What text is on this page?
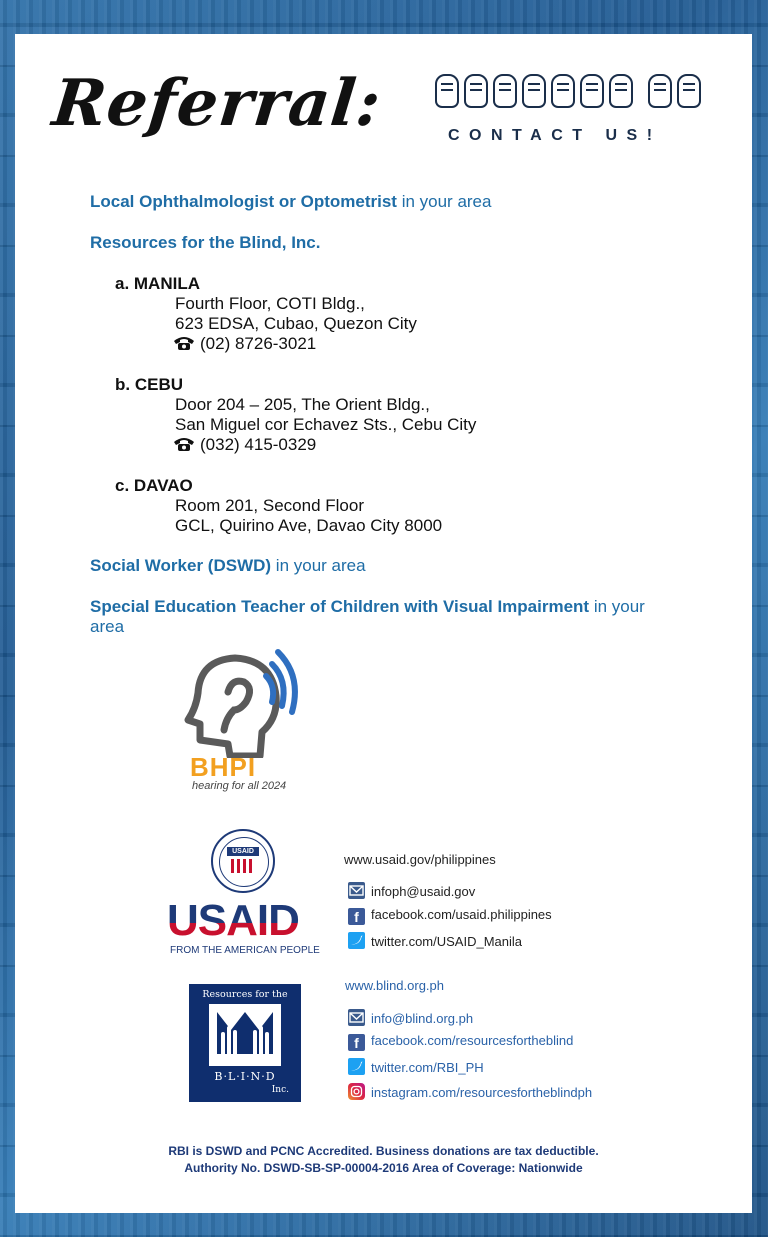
Referral:	CONTACT US!
Local Ophthalmologist or Optometrist in your area
Resources for the Blind, Inc.
a. MANILA
Fourth Floor, COTI Bldg.,
623 EDSA, Cubao, Quezon City
(02) 8726-3021
b. CEBU
Door 204 – 205, The Orient Bldg.,
San Miguel cor Echavez Sts., Cebu City
(032) 415-0329
c. DAVAO
Room 201, Second Floor
GCL, Quirino Ave, Davao City 8000
Social Worker (DSWD) in your area
Special Education Teacher of Children with Visual Impairment in your
area
BHPI
hearing for all 2024
USAID
USAID
FROM THE AMERICAN PEOPLE
www.usaid.gov/philippines
infoph@usaid.gov
f facebook.com/usaid.philippines
twitter.com/USAID_Manila
Resources for the
B·L·I·N·D
Inc.
www.blind.org.ph
info@blind.org.ph
f facebook.com/resourcesfortheblind
twitter.com/RBI_PH
instagram.com/resourcesfortheblindph
RBI is DSWD and PCNC Accredited. Business donations are tax deductible.
Authority No. DSWD-SB-SP-00004-2016 Area of Coverage: Nationwide
